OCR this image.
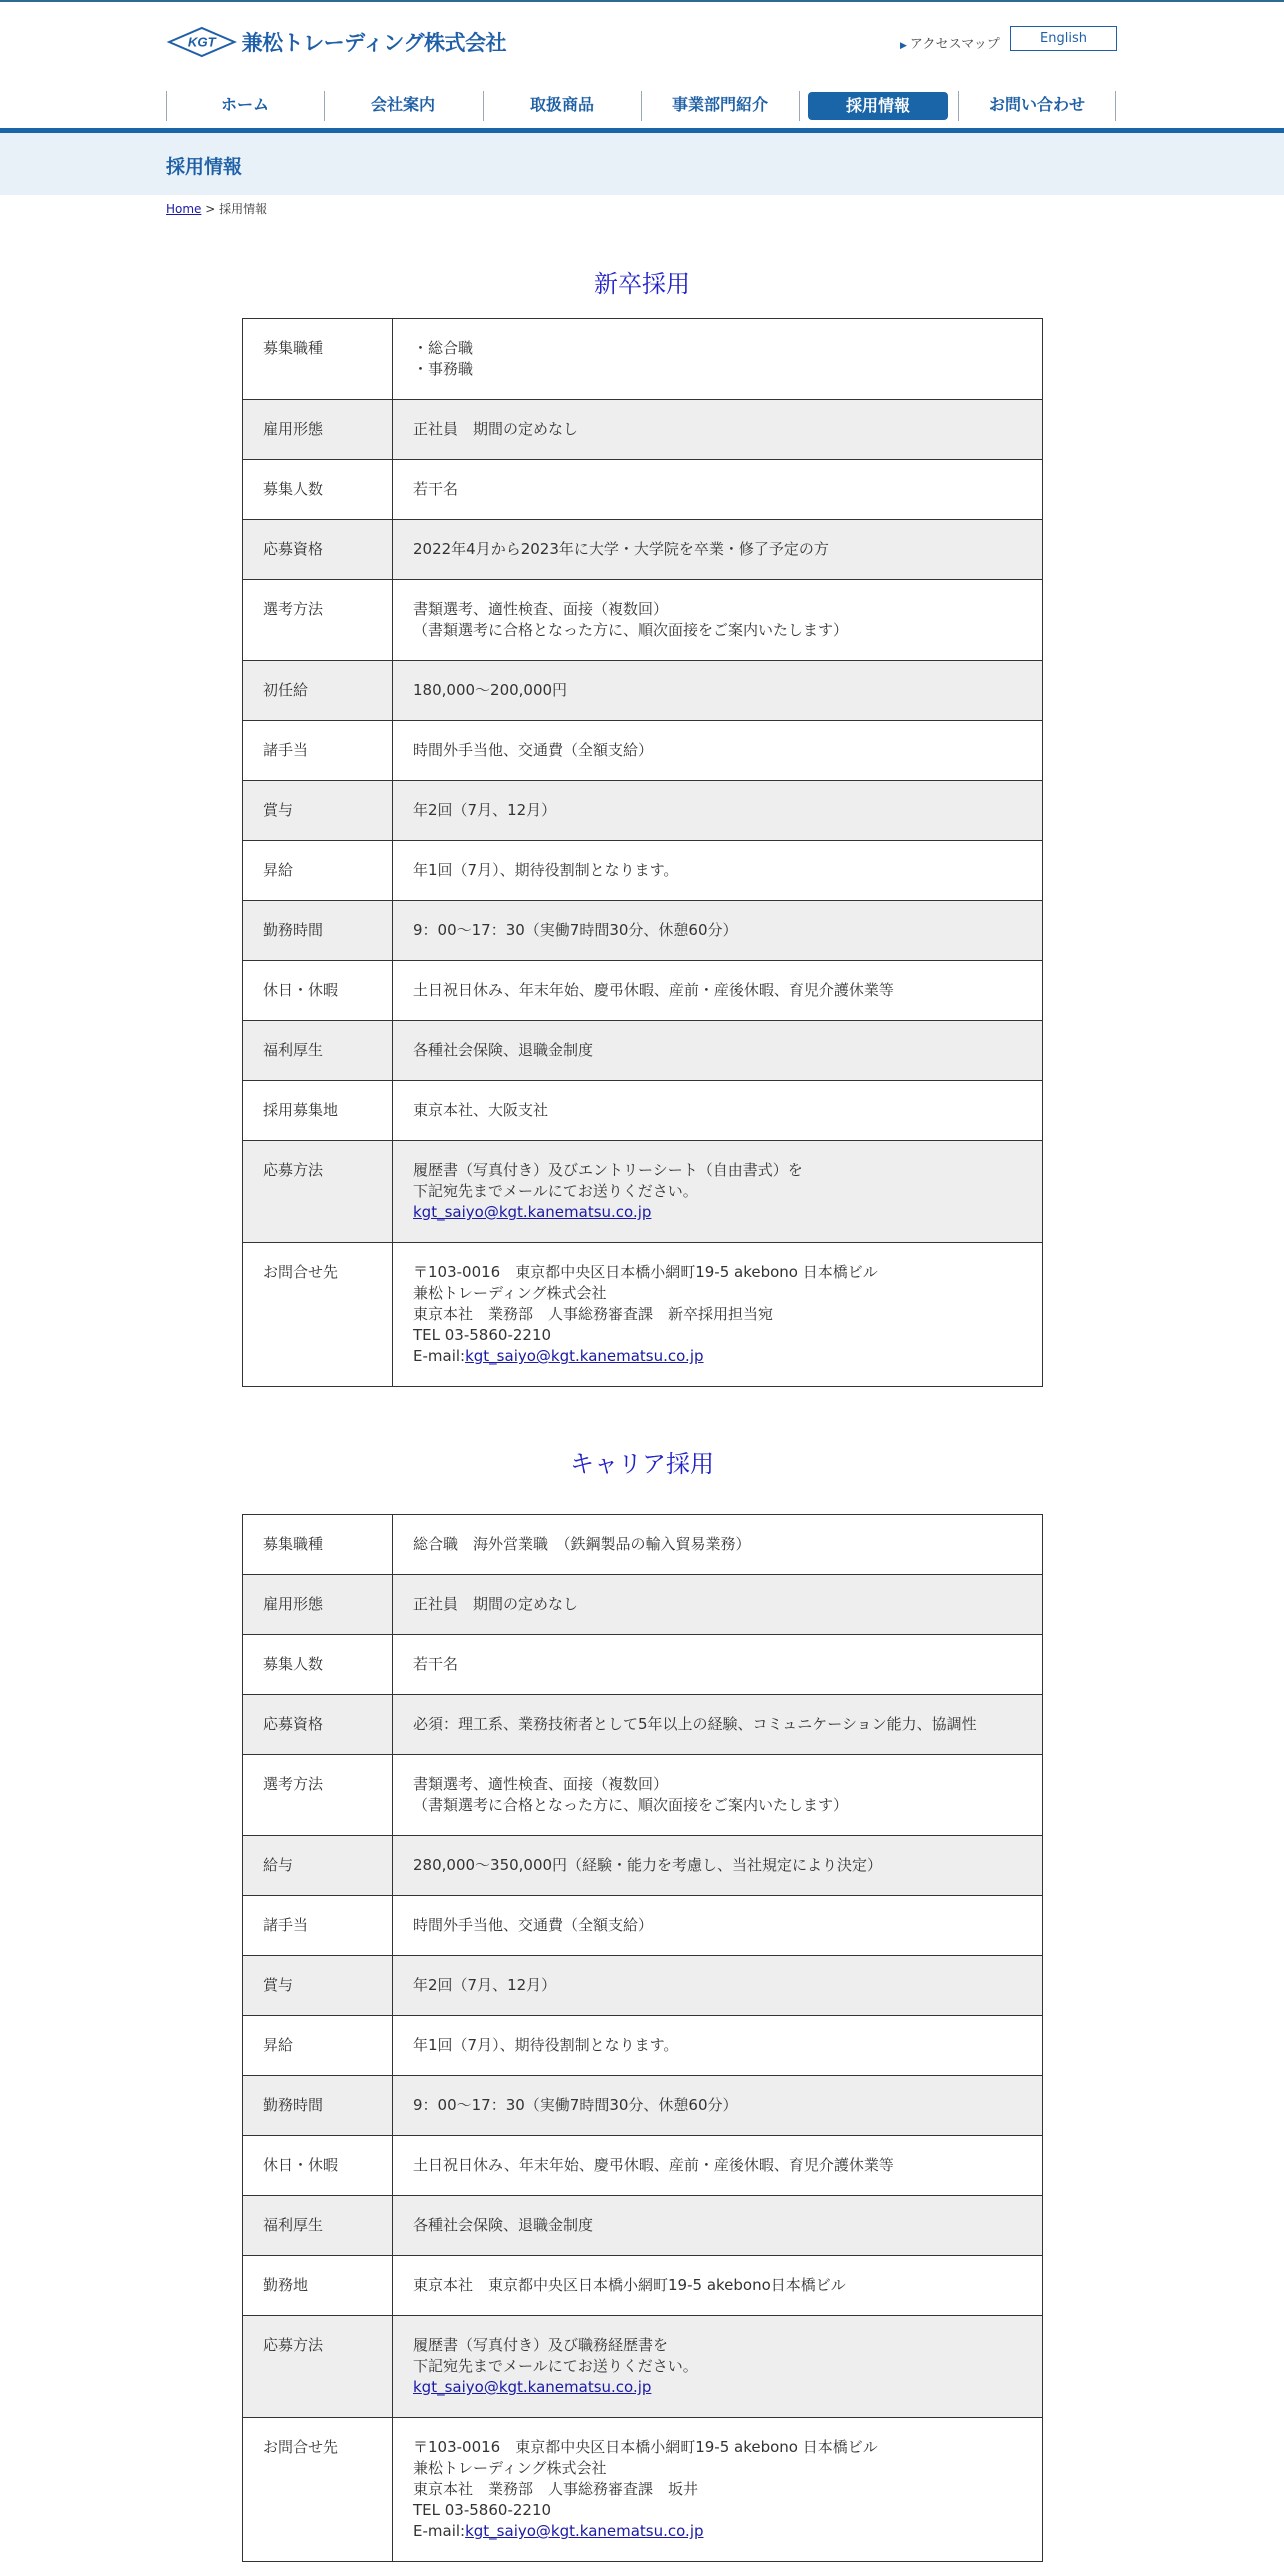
KGT 兼松トレーディング株式会社	▶ アクセスマップ	English
ホーム	会社案内	取扱商品	事業部門紹介	採用情報	お問い合わせ
採用情報
Home > 採用情報
新卒採用
募集職種	・総合職
・事務職

雇用形態	正社員　期間の定めなし

募集人数	若干名

応募資格	2022年4月から2023年に大学・大学院を卒業・修了予定の方

選考方法	書類選考、適性検査、面接（複数回）
（書類選考に合格となった方に、順次面接をご案内いたします）

初任給	180,000～200,000円

諸手当	時間外手当他、交通費（全額支給）

賞与	年2回（7月、12月）

昇給	年1回（7月）、期待役割制となります。

勤務時間	9：00～17：30（実働7時間30分、休憩60分）

休日・休暇	土日祝日休み、年末年始、慶弔休暇、産前・産後休暇、育児介護休業等

福利厚生	各種社会保険、退職金制度

採用募集地	東京本社、大阪支社

応募方法	履歴書（写真付き）及びエントリーシート（自由書式）を
下記宛先までメールにてお送りください。
kgt_saiyo@kgt.kanematsu.co.jp

お問合せ先	〒103-0016　東京都中央区日本橋小網町19-5 akebono 日本橋ビル
兼松トレーディング株式会社
東京本社　業務部　人事総務審査課　新卒採用担当宛
TEL 03-5860-2210
E-mail:kgt_saiyo@kgt.kanematsu.co.jp
キャリア採用
募集職種	総合職　海外営業職　（鉄鋼製品の輸入貿易業務）

雇用形態	正社員　期間の定めなし

募集人数	若干名

応募資格	必須：理工系、業務技術者として5年以上の経験、コミュニケーション能力、協調性

選考方法	書類選考、適性検査、面接（複数回）
（書類選考に合格となった方に、順次面接をご案内いたします）

給与	280,000～350,000円（経験・能力を考慮し、当社規定により決定）

諸手当	時間外手当他、交通費（全額支給）

賞与	年2回（7月、12月）

昇給	年1回（7月）、期待役割制となります。

勤務時間	9：00～17：30（実働7時間30分、休憩60分）

休日・休暇	土日祝日休み、年末年始、慶弔休暇、産前・産後休暇、育児介護休業等

福利厚生	各種社会保険、退職金制度

勤務地	東京本社　東京都中央区日本橋小網町19-5 akebono日本橋ビル

応募方法	履歴書（写真付き）及び職務経歴書を
下記宛先までメールにてお送りください。
kgt_saiyo@kgt.kanematsu.co.jp

お問合せ先	〒103-0016　東京都中央区日本橋小網町19-5 akebono 日本橋ビル
兼松トレーディング株式会社
東京本社　業務部　人事総務審査課　坂井
TEL 03-5860-2210
E-mail:kgt_saiyo@kgt.kanematsu.co.jp
